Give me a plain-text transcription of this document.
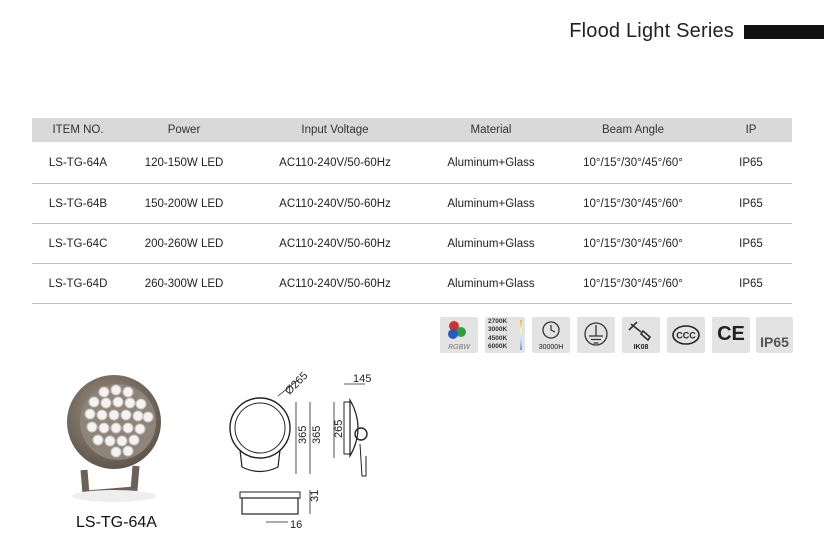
Flood Light Series
ITEM NO.	Power	Input Voltage	Material	Beam Angle	IP
LS-TG-64A	120-150W LED	AC110-240V/50-60Hz	Aluminum+Glass	10°/15°/30°/45°/60°	IP65
LS-TG-64B	150-200W LED	AC110-240V/50-60Hz	Aluminum+Glass	10°/15°/30°/45°/60°	IP65
LS-TG-64C	200-260W LED	AC110-240V/50-60Hz	Aluminum+Glass	10°/15°/30°/45°/60°	IP65
LS-TG-64D	260-300W LED	AC110-240V/50-60Hz	Aluminum+Glass	10°/15°/30°/45°/60°	IP65
RGBW
2700K
3000K
4500K
6000K	30000H	IK08
CCC CE	IP65
LS-TG-64A
Ø265
365 365 265
145
31
16
